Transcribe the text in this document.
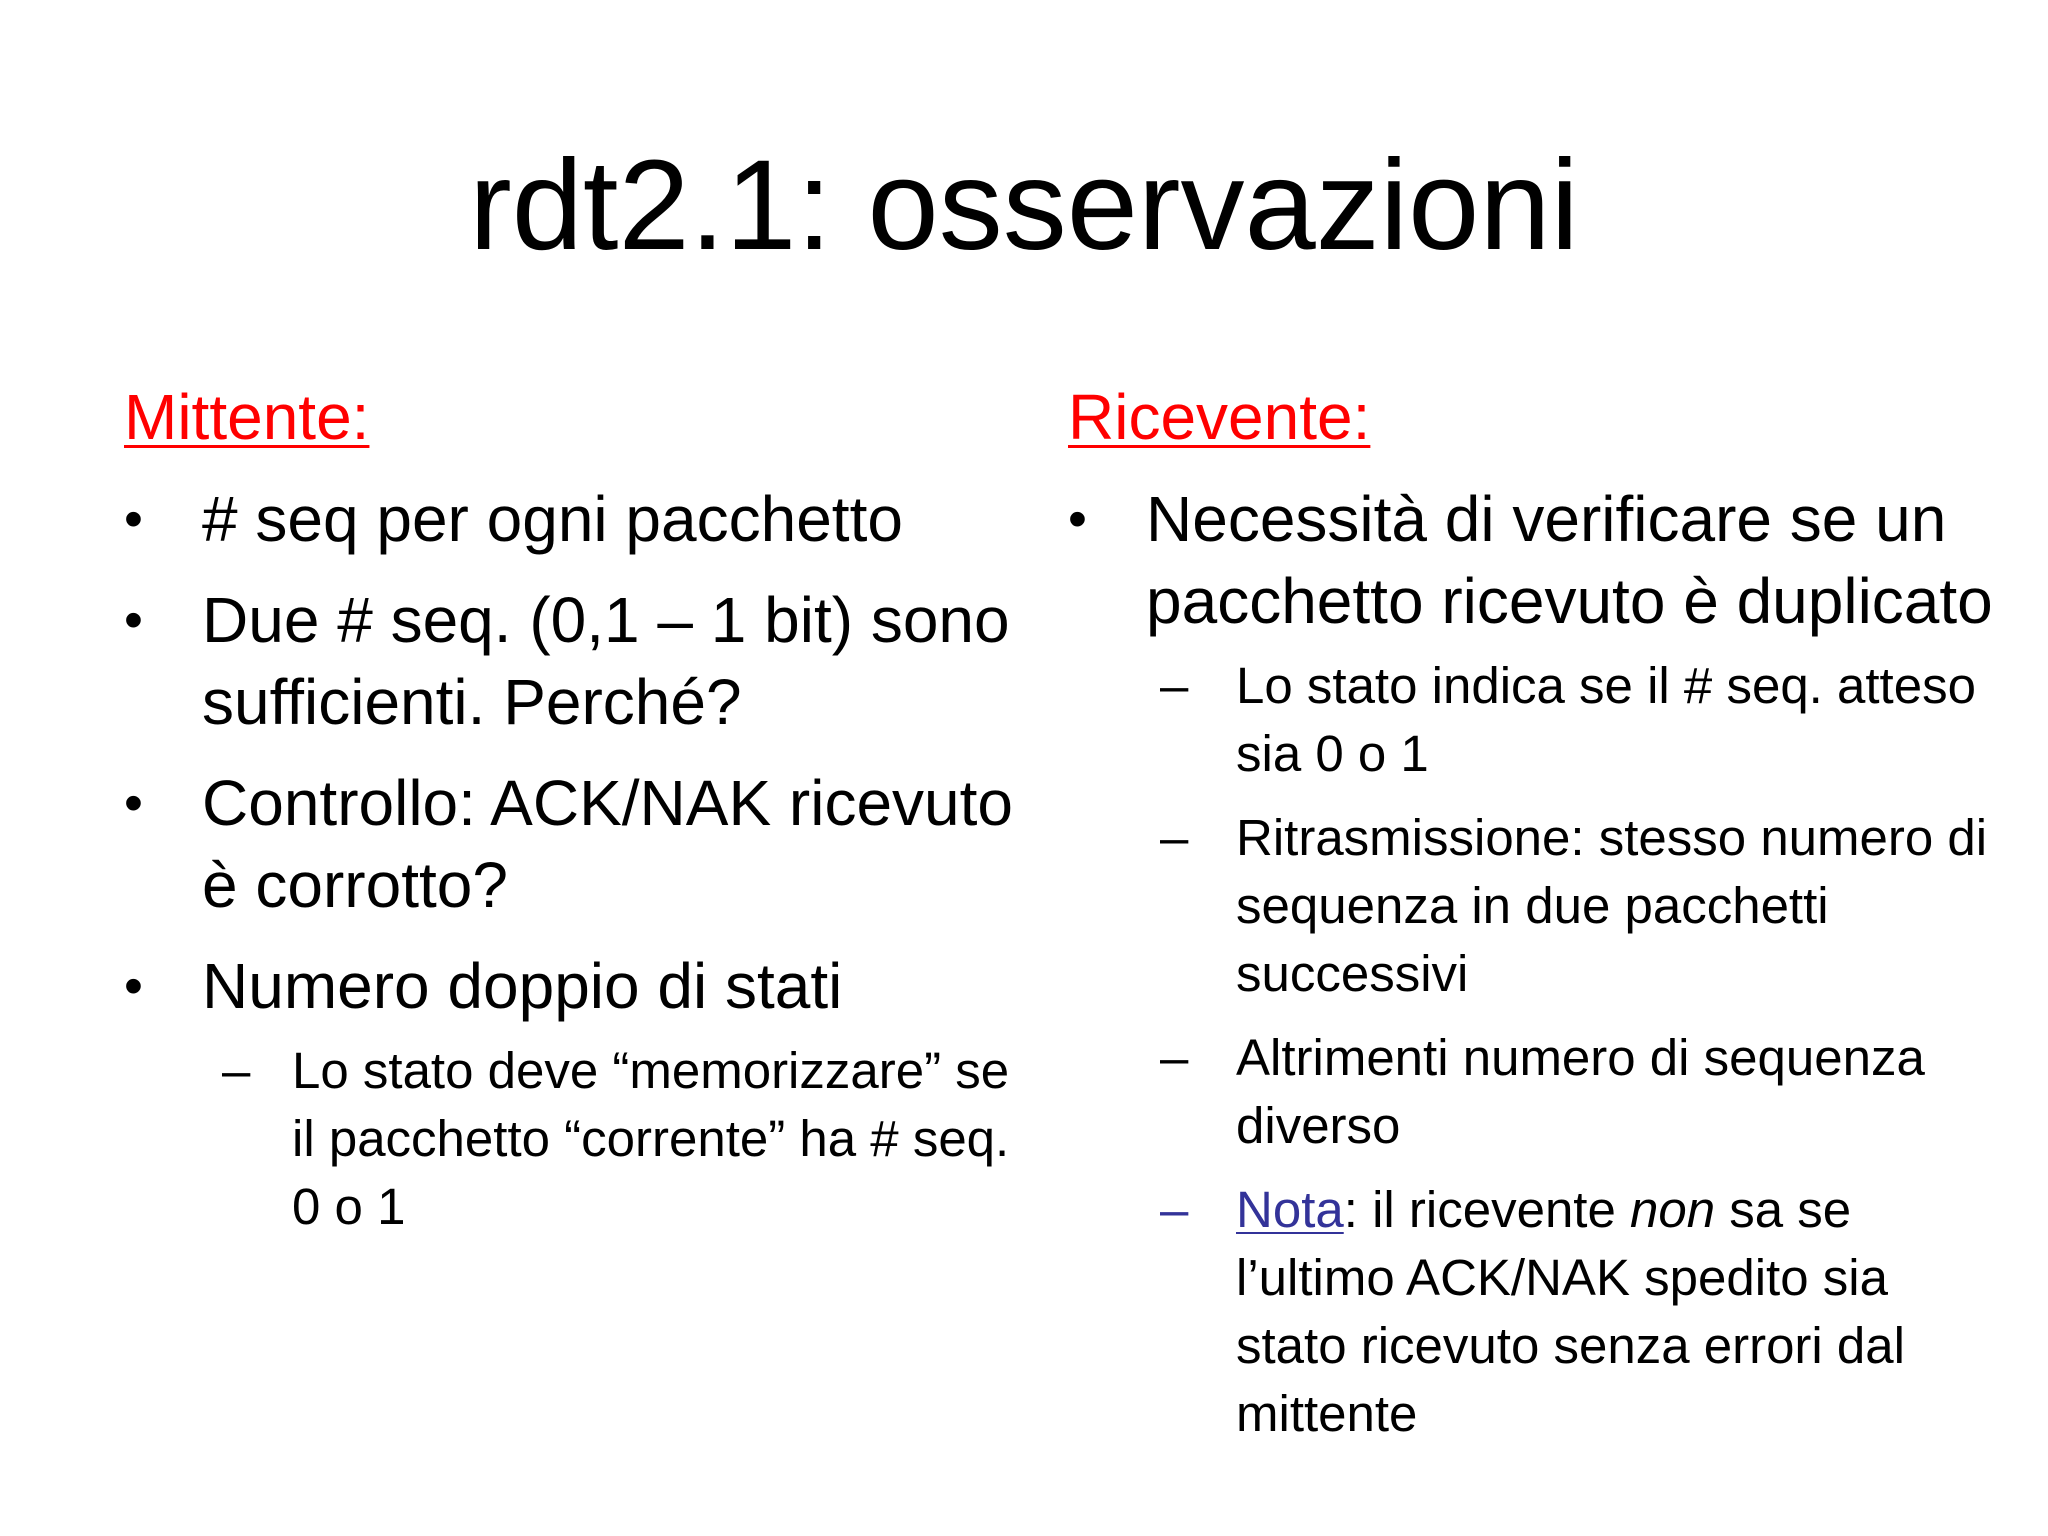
rdt2.1: osservazioni
Mittente:
• # seq per ogni pacchetto
• Due # seq. (0,1 – 1 bit) sono sufficienti. Perché?
• Controllo: ACK/NAK ricevuto è corrotto?
• Numero doppio di stati
– Lo stato deve “memorizzare” se il pacchetto “corrente” ha # seq. 0 o 1
Ricevente:
• Necessità di verificare se un pacchetto ricevuto è duplicato
– Lo stato indica se il # seq. atteso sia 0 o 1
– Ritrasmissione: stesso numero di sequenza in due pacchetti successivi
– Altrimenti numero di sequenza diverso
– Nota: il ricevente non sa se l’ultimo ACK/NAK spedito sia stato ricevuto senza errori dal mittente
